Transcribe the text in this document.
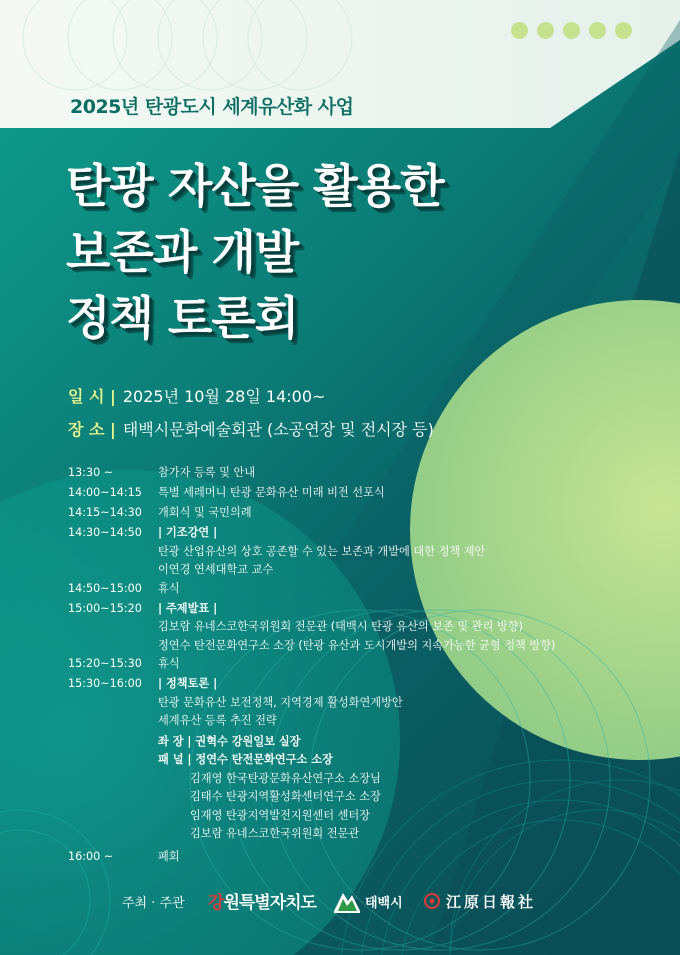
2025년 탄광도시 세계유산화 사업
탄광 자산을 활용한
보존과 개발
정책 토론회
일 시 | 2025년 10월 28일 14:00~
장 소 | 태백시문화예술회관 (소공연장 및 전시장 등)
13:30 ~	참가자 등록 및 안내
14:00~14:15	특별 세레머니 탄광 문화유산 미래 비전 선포식
14:15~14:30	개회식 및 국민의례
14:30~14:50	| 기조강연 |
탄광 산업유산의 상호 공존할 수 있는 보존과 개발에 대한 정책 제안
이연경 연세대학교 교수
14:50~15:00	휴식
15:00~15:20	| 주제발표 |
김보람 유네스코한국위원회 전문관 (태백시 탄광 유산의 보존 및 관리 방향)
정연수 탄전문화연구소 소장 (탄광 유산과 도시개발의 지속가능한 균형 정책 방향)
15:20~15:30	휴식
15:30~16:00	| 정책토론 |
탄광 문화유산 보전정책, 지역경제 활성화연계방안
세계유산 등록 추진 전략
좌 장 | 권혁수 강원일보 실장
패 널 | 정연수 탄전문화연구소 소장
김재영 한국탄광문화유산연구소 소장님
김태수 탄광지역활성화센터연구소 소장
임재영 탄광지역발전지원센터 센터장
김보람 유네스코한국위원회 전문관
16:00 ~	폐회
주최 · 주관 강원특별자치도	태백시	江原日報社
